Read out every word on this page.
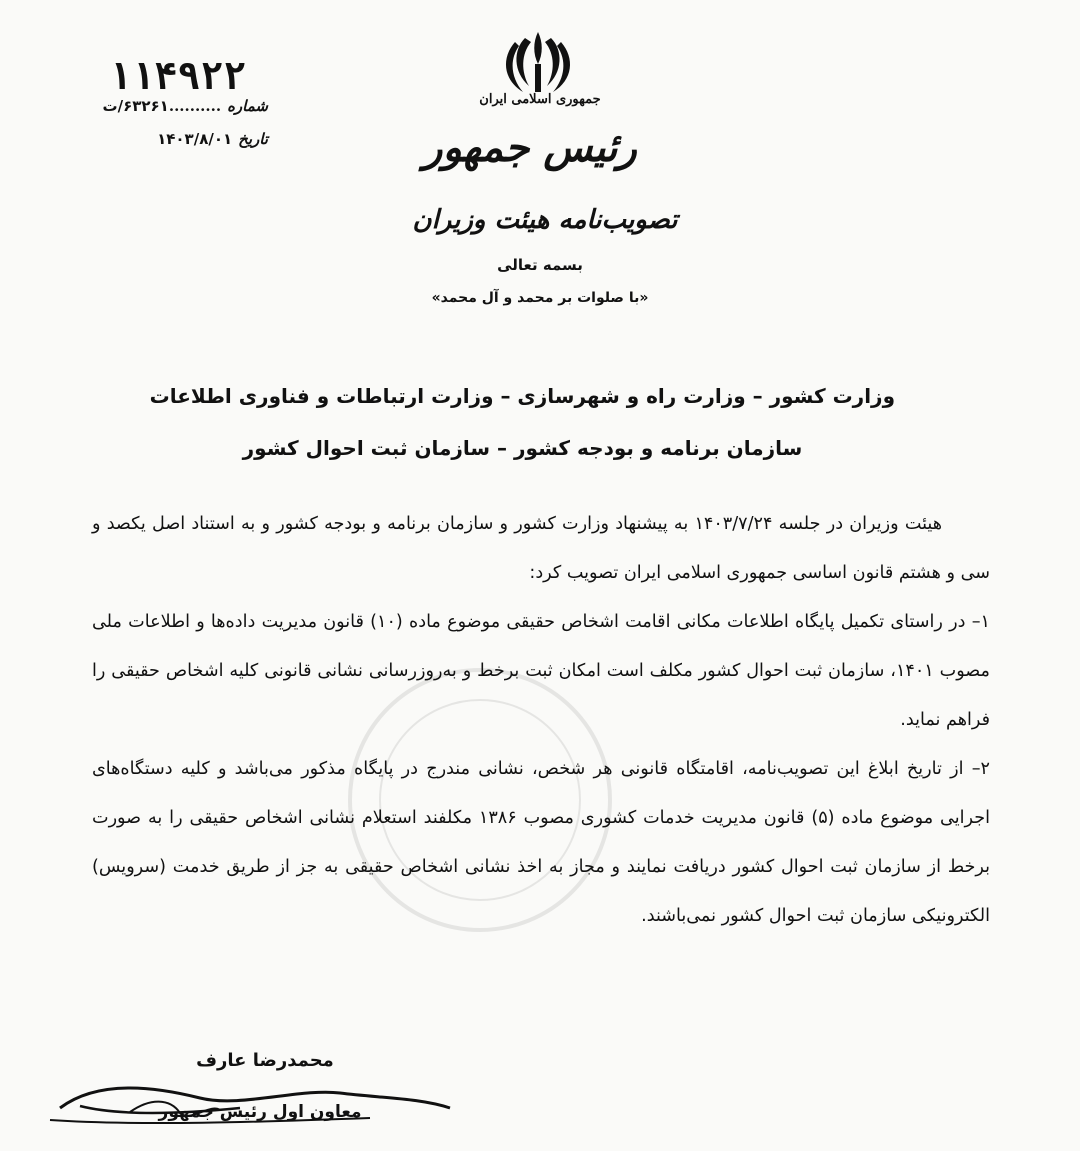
جمهوری اسلامی ایران
رئیس جمهور
تصویب‌نامه هیئت وزیران
بسمه تعالی
«با صلوات بر محمد و آل محمد»
۱۱۴۹۲۲
شماره..........۶۳۲۶۱/ت
تاریخ۱۴۰۳/۸/۰۱
وزارت کشور – وزارت راه و شهرسازی – وزارت ارتباطات و فناوری اطلاعات
سازمان برنامه و بودجه کشور – سازمان ثبت احوال کشور

هیئت وزیران در جلسه ۱۴۰۳/۷/۲۴ به پیشنهاد وزارت کشور و سازمان برنامه و بودجه کشور و به استناد اصل یکصد و سی و هشتم قانون اساسی جمهوری اسلامی ایران تصویب کرد:

۱– در راستای تکمیل پایگاه اطلاعات مکانی اقامت اشخاص حقیقی موضوع ماده (۱۰) قانون مدیریت داده‌ها و اطلاعات ملی مصوب ۱۴۰۱، سازمان ثبت احوال کشور مکلف است امکان ثبت برخط و به‌روزرسانی نشانی قانونی کلیه اشخاص حقیقی را فراهم نماید.

۲– از تاریخ ابلاغ این تصویب‌نامه، اقامتگاه قانونی هر شخص، نشانی مندرج در پایگاه مذکور می‌باشد و کلیه دستگاه‌های اجرایی موضوع ماده (۵) قانون مدیریت خدمات کشوری مصوب ۱۳۸۶ مکلفند استعلام نشانی اشخاص حقیقی را به صورت برخط از سازمان ثبت احوال کشور دریافت نمایند و مجاز به اخذ نشانی اشخاص حقیقی به جز از طریق خدمت (سرویس) الکترونیکی سازمان ثبت احوال کشور نمی‌باشند.

محمدرضا عارف
معاون اول رئیس جمهور
